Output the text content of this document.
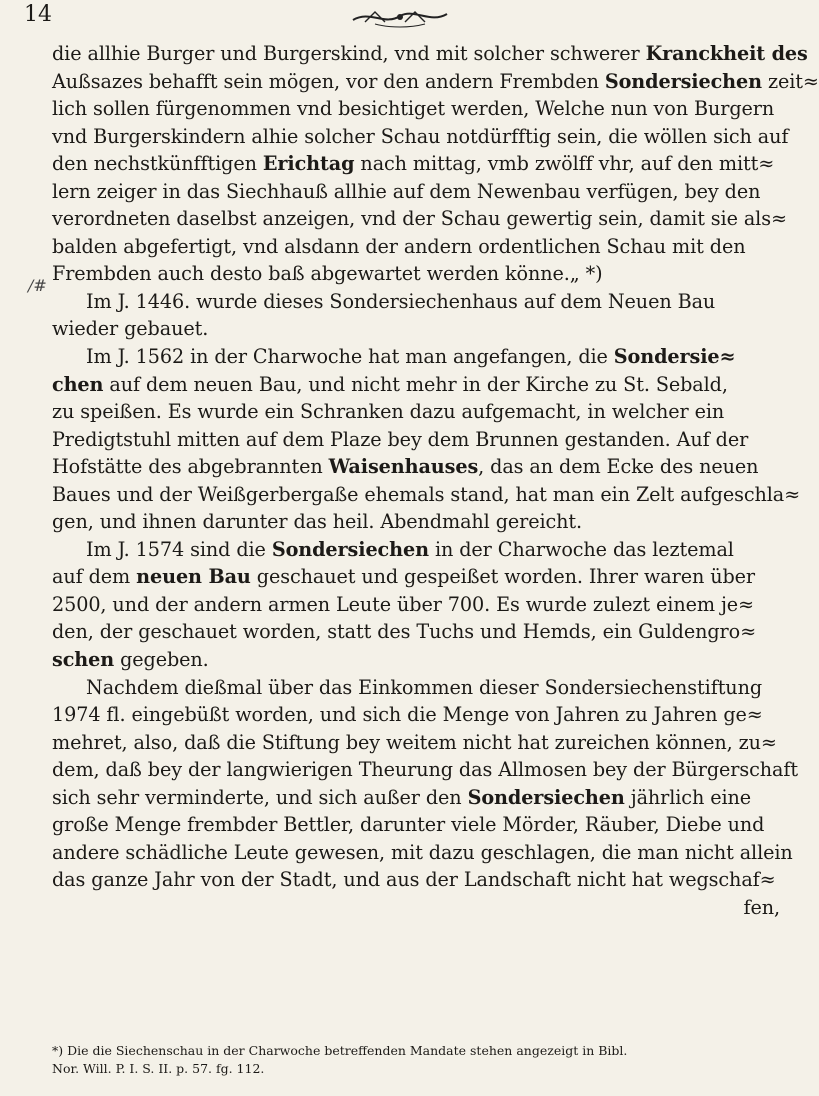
14
/#
die allhie Burger und Burgerskind, vnd mit solcher schwerer Kranckheit des
Außsazes behafft sein mögen, vor den andern Frembden Sondersiechen zeit≈
lich sollen fürgenommen vnd besichtiget werden, Welche nun von Burgern
vnd Burgerskindern alhie solcher Schau notdürfftig sein, die wöllen sich auf
den nechstkünfftigen Erichtag nach mittag, vmb zwölff vhr, auf den mitt≈
lern zeiger in das Siechhauß allhie auf dem Newenbau verfügen, bey den
verordneten daselbst anzeigen, vnd der Schau gewertig sein, damit sie als≈
balden abgefertigt, vnd alsdann der andern ordentlichen Schau mit den
Frembden auch desto baß abgewartet werden könne.„ *)
Im J. 1446. wurde dieses Sondersiechenhaus auf dem Neuen Bau
wieder gebauet.
Im J. 1562 in der Charwoche hat man angefangen, die Sondersie≈
chen auf dem neuen Bau, und nicht mehr in der Kirche zu St. Sebald,
zu speißen. Es wurde ein Schranken dazu aufgemacht, in welcher ein
Predigtstuhl mitten auf dem Plaze bey dem Brunnen gestanden. Auf der
Hofstätte des abgebrannten Waisenhauses, das an dem Ecke des neuen
Baues und der Weißgerbergaße ehemals stand, hat man ein Zelt aufgeschla≈
gen, und ihnen darunter das heil. Abendmahl gereicht.
Im J. 1574 sind die Sondersiechen in der Charwoche das leztemal
auf dem neuen Bau geschauet und gespeißet worden. Ihrer waren über
2500, und der andern armen Leute über 700. Es wurde zulezt einem je≈
den, der geschauet worden, statt des Tuchs und Hemds, ein Guldengro≈
schen gegeben.
Nachdem dießmal über das Einkommen dieser Sondersiechenstiftung
1974 fl. eingebüßt worden, und sich die Menge von Jahren zu Jahren ge≈
mehret, also, daß die Stiftung bey weitem nicht hat zureichen können, zu≈
dem, daß bey der langwierigen Theurung das Allmosen bey der Bürgerschaft
sich sehr verminderte, und sich außer den Sondersiechen jährlich eine
große Menge frembder Bettler, darunter viele Mörder, Räuber, Diebe und
andere schädliche Leute gewesen, mit dazu geschlagen, die man nicht allein
das ganze Jahr von der Stadt, und aus der Landschaft nicht hat wegschaf≈
fen,
*) Die die Siechenschau in der Charwoche betreffenden Mandate stehen angezeigt in Bibl.
Nor. Will. P. I. S. II. p. 57. fg. 112.
